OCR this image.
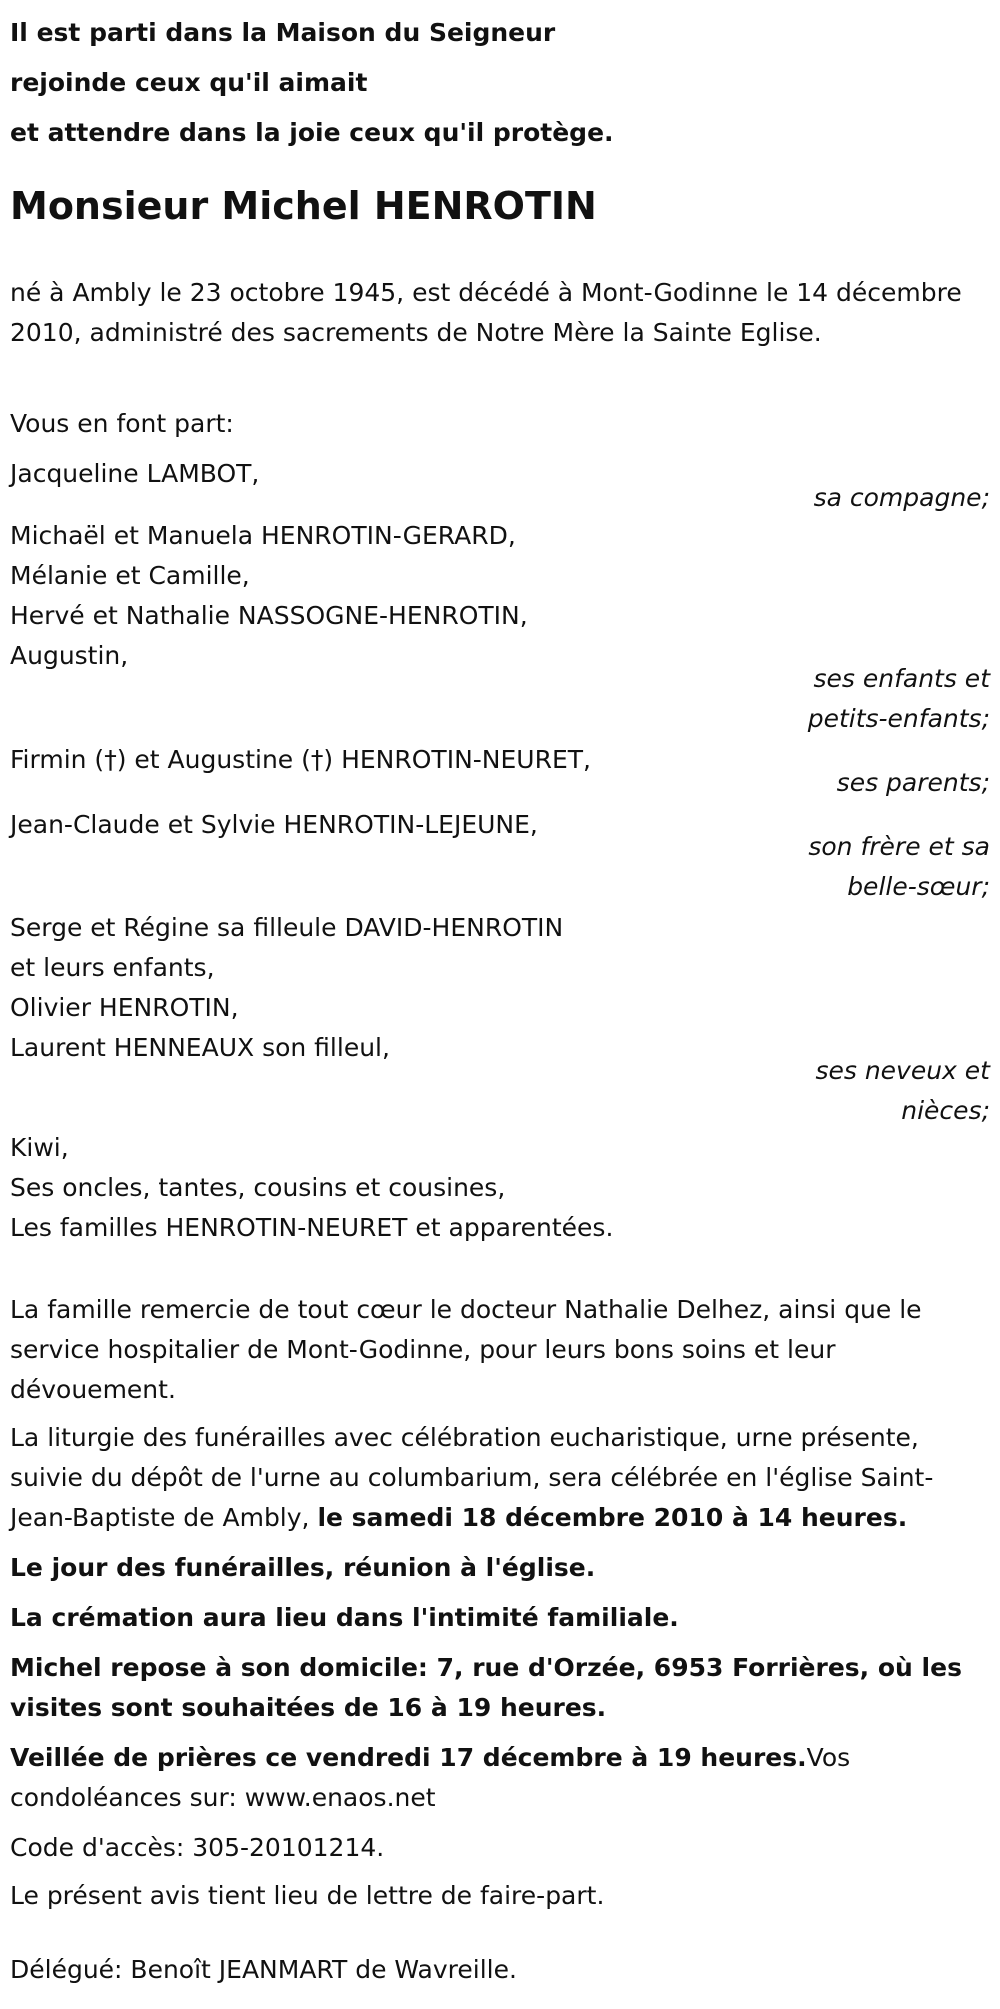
Il est parti dans la Maison du Seigneur
rejoinde ceux qu'il aimait
et attendre dans la joie ceux qu'il protège.
Monsieur Michel HENROTIN
né à Ambly le 23 octobre 1945, est décédé à Mont-Godinne le 14 décembre 2010, administré des sacrements de Notre Mère la Sainte Eglise.
Vous en font part:
Jacqueline LAMBOT,
sa compagne;
Michaël et Manuela HENROTIN-GERARD,
Mélanie et Camille,
Hervé et Nathalie NASSOGNE-HENROTIN,
Augustin,
ses enfants et
petits-enfants;
Firmin (†) et Augustine (†) HENROTIN-NEURET,
ses parents;
Jean-Claude et Sylvie HENROTIN-LEJEUNE,
son frère et sa
belle-sœur;
Serge et Régine sa filleule DAVID-HENROTIN
et leurs enfants,
Olivier HENROTIN,
Laurent HENNEAUX son filleul,
ses neveux et
nièces;
Kiwi,
Ses oncles, tantes, cousins et cousines,
Les familles HENROTIN-NEURET et apparentées.
La famille remercie de tout cœur le docteur Nathalie Delhez, ainsi que le service hospitalier de Mont-Godinne, pour leurs bons soins et leur dévouement.
La liturgie des funérailles avec célébration eucharistique, urne présente, suivie du dépôt de l'urne au columbarium, sera célébrée en l'église Saint-Jean-Baptiste de Ambly, le samedi 18 décembre 2010 à 14 heures.
Le jour des funérailles, réunion à l'église.
La crémation aura lieu dans l'intimité familiale.
Michel repose à son domicile: 7, rue d'Orzée, 6953 Forrières, où les visites sont souhaitées de 16 à 19 heures.
Veillée de prières ce vendredi 17 décembre à 19 heures.Vos condoléances sur: www.enaos.net
Code d'accès: 305-20101214.
Le présent avis tient lieu de lettre de faire-part.
Délégué: Benoît JEANMART de Wavreille.
